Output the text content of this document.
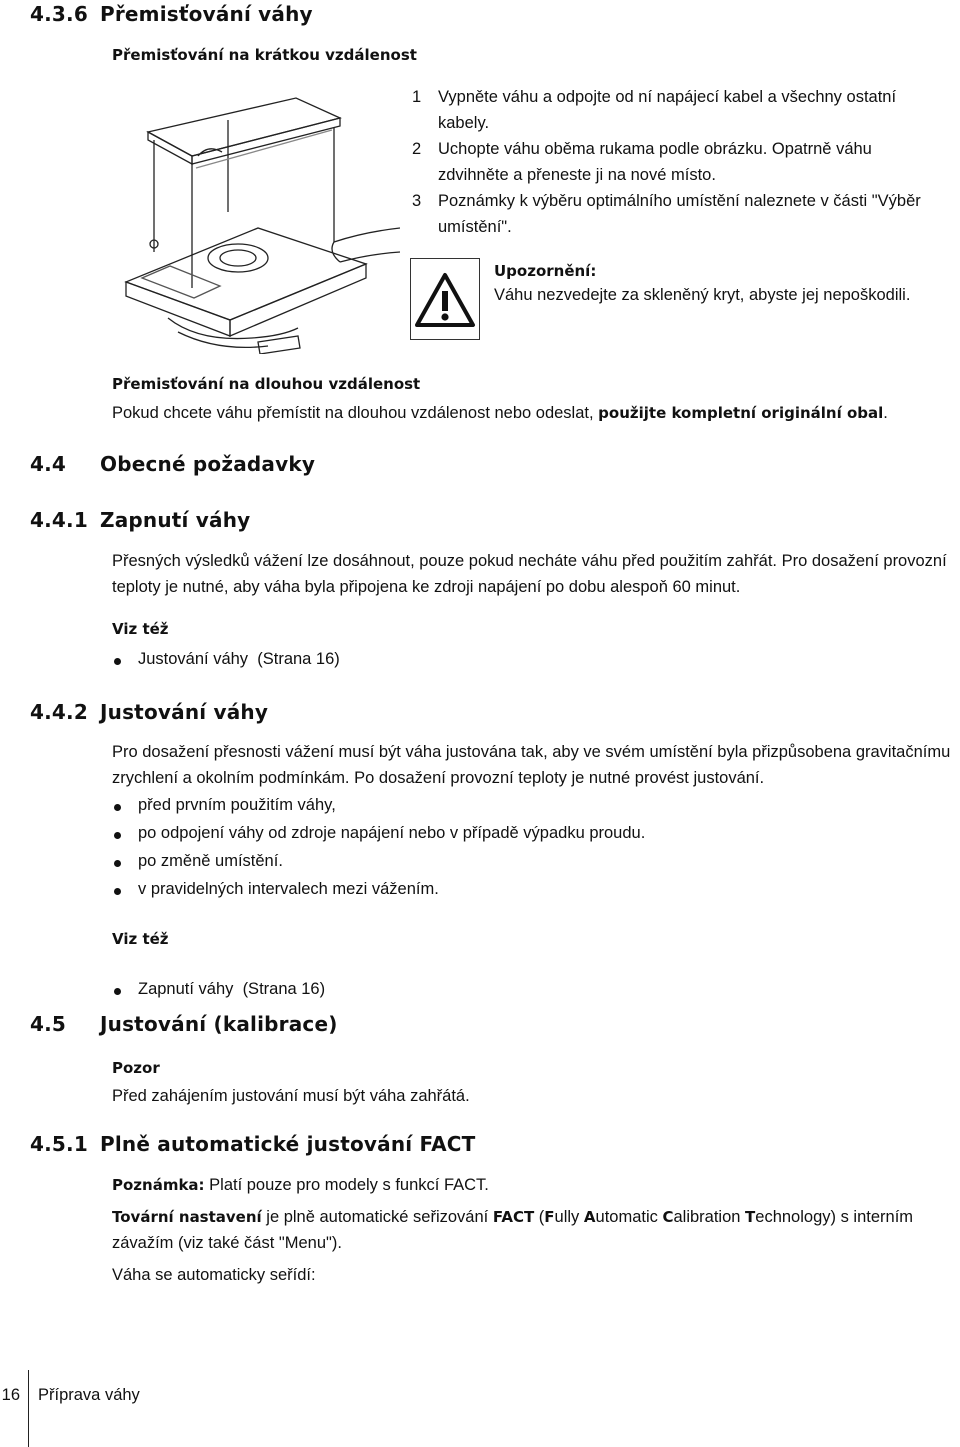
4.3.6 Přemisťování váhy
Přemisťování na krátkou vzdálenost
1 Vypněte váhu a odpojte od ní napájecí kabel a všechny ostatní kabely.
2 Uchopte váhu oběma rukama podle obrázku. Opatrně váhu zdvihněte a přeneste ji na nové místo.
3 Poznámky k výběru optimálního umístění naleznete v části "Výběr umístění".
Upozornění:
Váhu nezvedejte za skleněný kryt, abyste jej nepoškodili.
Přemisťování na dlouhou vzdálenost
Pokud chcete váhu přemístit na dlouhou vzdálenost nebo odeslat, použijte kompletní originální obal.
4.4 Obecné požadavky
4.4.1 Zapnutí váhy
Přesných výsledků vážení lze dosáhnout, pouze pokud necháte váhu před použitím zahřát. Pro dosažení provozní teploty je nutné, aby váha byla připojena ke zdroji napájení po dobu alespoň 60 minut.
Viz též
Justování váhy (Strana 16)
4.4.2 Justování váhy
Pro dosažení přesnosti vážení musí být váha justována tak, aby ve svém umístění byla přizpůsobena gravitačnímu zrychlení a okolním podmínkám. Po dosažení provozní teploty je nutné provést justování.
před prvním použitím váhy,
po odpojení váhy od zdroje napájení nebo v případě výpadku proudu.
po změně umístění.
v pravidelných intervalech mezi vážením.
Viz též
Zapnutí váhy (Strana 16)
4.5 Justování (kalibrace)
Pozor
Před zahájením justování musí být váha zahřátá.
4.5.1 Plně automatické justování FACT
Poznámka: Platí pouze pro modely s funkcí FACT.
Tovární nastavení je plně automatické seřizování FACT (Fully Automatic Calibration Technology) s interním závažím (viz také část "Menu").
Váha se automaticky seřídí:
16 Příprava váhy
